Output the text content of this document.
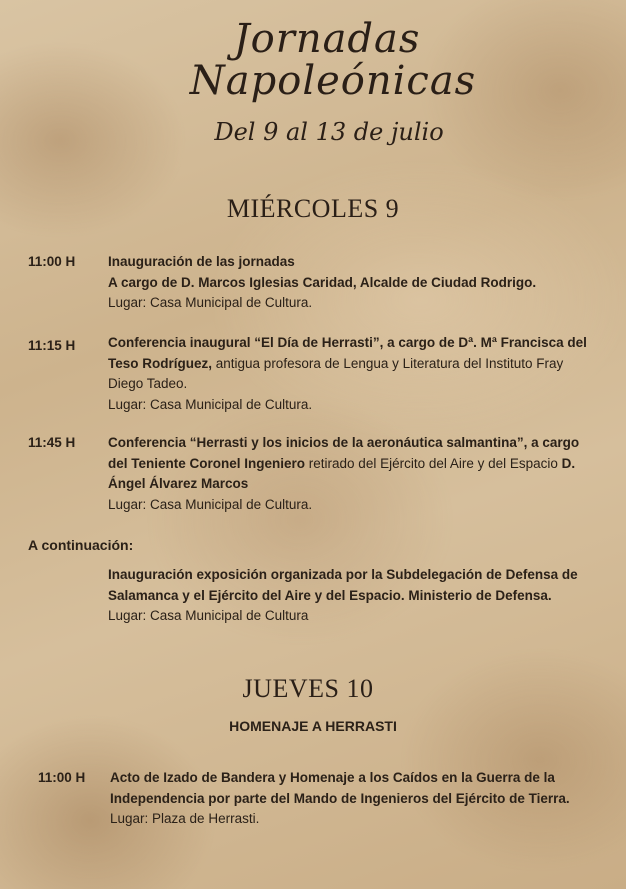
Jornadas
Napoleónicas
Del 9 al 13 de julio
MIÉRCOLES 9
11:00 H Inauguración de las jornadas
A cargo de D. Marcos Iglesias Caridad, Alcalde de Ciudad Rodrigo.
Lugar: Casa Municipal de Cultura.
11:15 H Conferencia inaugural “El Día de Herrasti”, a cargo de Dª. Mª Francisca del Teso Rodríguez, antigua profesora de Lengua y Literatura del Instituto Fray Diego Tadeo.
Lugar: Casa Municipal de Cultura.
11:45 H Conferencia “Herrasti y los inicios de la aeronáutica salmantina”, a cargo del Teniente Coronel Ingeniero retirado del Ejército del Aire y del Espacio D. Ángel Álvarez Marcos
Lugar: Casa Municipal de Cultura.
A continuación:
Inauguración exposición organizada por la Subdelegación de Defensa de Salamanca y el Ejército del Aire y del Espacio. Ministerio de Defensa.
Lugar: Casa Municipal de Cultura
JUEVES 10
HOMENAJE A HERRASTI
11:00 H Acto de Izado de Bandera y Homenaje a los Caídos en la Guerra de la Independencia por parte del Mando de Ingenieros del Ejército de Tierra.
Lugar: Plaza de Herrasti.
